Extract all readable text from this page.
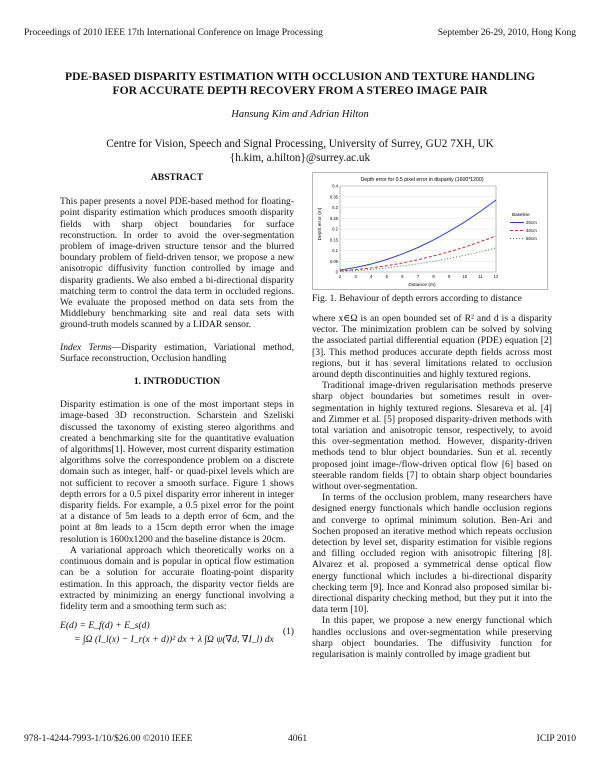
Proceedings of 2010 IEEE 17th International Conference on Image Processing	September 26-29, 2010, Hong Kong
PDE-BASED DISPARITY ESTIMATION WITH OCCLUSION AND TEXTURE HANDLING
FOR ACCURATE DEPTH RECOVERY FROM A STEREO IMAGE PAIR
Hansung Kim and Adrian Hilton
Centre for Vision, Speech and Signal Processing, University of Surrey, GU2 7XH, UK
{h.kim, a.hilton}@surrey.ac.uk
ABSTRACT

This paper presents a novel PDE-based method for floating-point disparity estimation which produces smooth disparity fields with sharp object boundaries for surface reconstruction. In order to avoid the over-segmentation problem of image-driven structure tensor and the blurred boundary problem of field-driven tensor, we propose a new anisotropic diffusivity function controlled by image and disparity gradients. We also embed a bi-directional disparity matching term to control the data term in occluded regions. We evaluate the proposed method on data sets from the Middlebury benchmarking site and real data sets with ground-truth models scanned by a LIDAR sensor.

Index Terms—Disparity estimation, Variational method, Surface reconstruction, Occlusion handling

1. INTRODUCTION

Disparity estimation is one of the most important steps in image-based 3D reconstruction. Scharstein and Szeliski discussed the taxonomy of existing stereo algorithms and created a benchmarking site for the quantitative evaluation of algorithms[1]. However, most current disparity estimation algorithms solve the correspondence problem on a discrete domain such as integer, half- or quad-pixel levels which are not sufficient to recover a smooth surface. Figure 1 shows depth errors for a 0.5 pixel disparity error inherent in integer disparity fields. For example, a 0.5 pixel error for the point at a distance of 5m leads to a depth error of 6cm, and the point at 8m leads to a 15cm depth error when the image resolution is 1600x1200 and the baseline distance is 20cm.

A variational approach which theoretically works on a continuous domain and is popular in optical flow estimation can be a solution for accurate floating-point disparity estimation. In this approach, the disparity vector fields are extracted by minimizing an energy functional involving a fidelity term and a smoothing term such as:

E(d) = E_f(d) + E_s(d)
= ∫Ω (I_l(x) − I_r(x + d))² dx + λ ∫Ω ψ(∇d, ∇I_l) dx
(1)
Depth error for 0.5 pixel error in disparity (1600*1200)
Depth error (m)
Distance (m)
Baseline
0
0.05
0.1
0.15
0.2
0.25
0.3
0.35
0.4
2	3	4	5	6	7	8	9	10	11	12
20cm
40cm
60cm
Fig. 1. Behaviour of depth errors according to distance

where x∈Ω is an open bounded set of R² and d is a disparity vector. The minimization problem can be solved by solving the associated partial differential equation (PDE) equation [2][3]. This method produces accurate depth fields across most regions, but it has several limitations related to occlusion around depth discontinuities and highly textured regions.

Traditional image-driven regularisation methods preserve sharp object boundaries but sometimes result in over-segmentation in highly textured regions. Slesareva et al. [4] and Zimmer et al. [5] proposed disparity-driven methods with total variation and anisotropic tensor, respectively, to avoid this over-segmentation method. However, disparity-driven methods tend to blur object boundaries. Sun et al. recently proposed joint image-/flow-driven optical flow [6] based on steerable random fields [7] to obtain sharp object boundaries without over-segmentation.

In terms of the occlusion problem, many researchers have designed energy functionals which handle occlusion regions and converge to optimal minimum solution. Ben-Ari and Sochen proposed an iterative method which repeats occlusion detection by level set, disparity estimation for visible regions and filling occluded region with anisotropic filtering [8]. Alvarez et al. proposed a symmetrical dense optical flow energy functional which includes a bi-directional disparity checking term [9]. Ince and Konrad also proposed similar bi-directional disparity checking method, but they put it into the data term [10].

In this paper, we propose a new energy functional which handles occlusions and over-segmentation while preserving sharp object boundaries. The diffusivity function for regularisation is mainly controlled by image gradient but

978-1-4244-7993-1/10/$26.00 ©2010 IEEE	4061	ICIP 2010
